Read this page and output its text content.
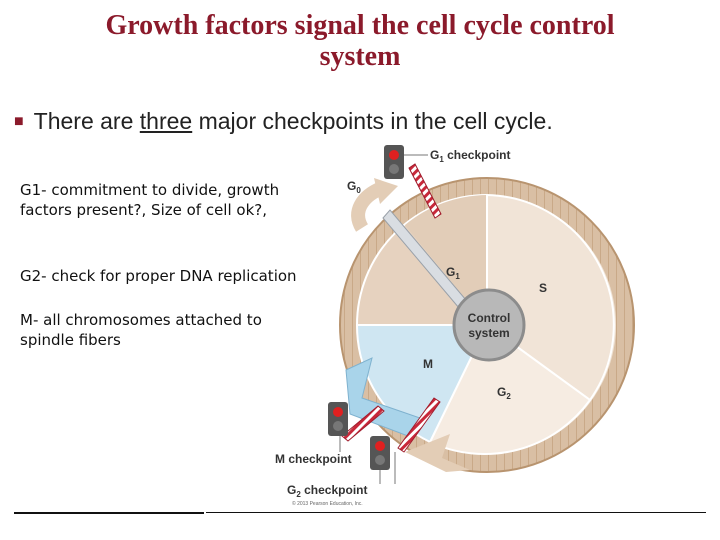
Growth factors signal the cell cycle control
system
■ There are three major checkpoints in the cell cycle.
G1- commitment to divide, growth
factors present?, Size of cell ok?,
G2- check for proper DNA replication
M- all chromosomes attached to
spindle fibers
Control
system
$G_1$
S
$G_2$
M
$G_0$
$G_1$ checkpoint
M checkpoint
$G_2$ checkpoint
© 2013 Pearson Education, Inc.
